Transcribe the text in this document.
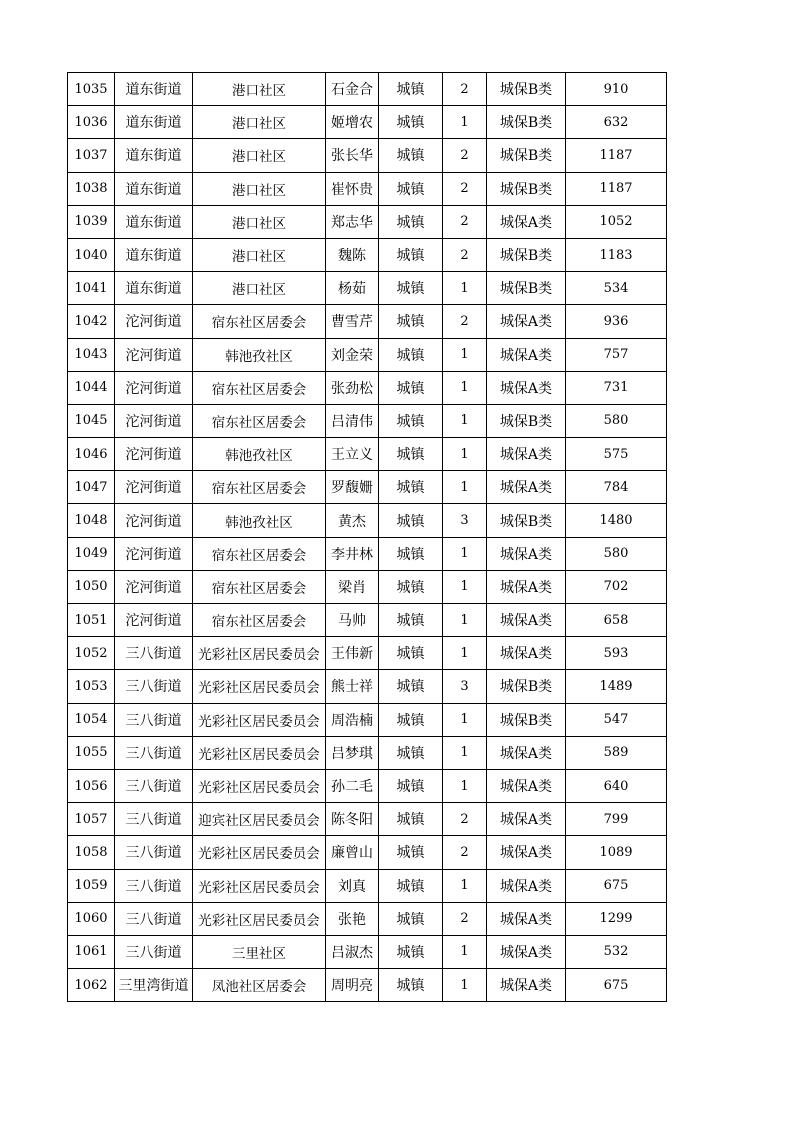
1035	道东街道	港口社区	石金合	城镇	2	城保B类	910
1036	道东街道	港口社区	姬增农	城镇	1	城保B类	632
1037	道东街道	港口社区	张长华	城镇	2	城保B类	1187
1038	道东街道	港口社区	崔怀贵	城镇	2	城保B类	1187
1039	道东街道	港口社区	郑志华	城镇	2	城保A类	1052
1040	道东街道	港口社区	魏陈	城镇	2	城保B类	1183
1041	道东街道	港口社区	杨茹	城镇	1	城保B类	534
1042	沱河街道	宿东社区居委会	曹雪芹	城镇	2	城保A类	936
1043	沱河街道	韩池孜社区	刘金荣	城镇	1	城保A类	757
1044	沱河街道	宿东社区居委会	张劲松	城镇	1	城保A类	731
1045	沱河街道	宿东社区居委会	吕清伟	城镇	1	城保B类	580
1046	沱河街道	韩池孜社区	王立义	城镇	1	城保A类	575
1047	沱河街道	宿东社区居委会	罗馥姗	城镇	1	城保A类	784
1048	沱河街道	韩池孜社区	黄杰	城镇	3	城保B类	1480
1049	沱河街道	宿东社区居委会	李井林	城镇	1	城保A类	580
1050	沱河街道	宿东社区居委会	梁肖	城镇	1	城保A类	702
1051	沱河街道	宿东社区居委会	马帅	城镇	1	城保A类	658
1052	三八街道	光彩社区居民委员会	王伟新	城镇	1	城保A类	593
1053	三八街道	光彩社区居民委员会	熊士祥	城镇	3	城保B类	1489
1054	三八街道	光彩社区居民委员会	周浩楠	城镇	1	城保B类	547
1055	三八街道	光彩社区居民委员会	吕梦琪	城镇	1	城保A类	589
1056	三八街道	光彩社区居民委员会	孙二毛	城镇	1	城保A类	640
1057	三八街道	迎宾社区居民委员会	陈冬阳	城镇	2	城保A类	799
1058	三八街道	光彩社区居民委员会	廉曾山	城镇	2	城保A类	1089
1059	三八街道	光彩社区居民委员会	刘真	城镇	1	城保A类	675
1060	三八街道	光彩社区居民委员会	张艳	城镇	2	城保A类	1299
1061	三八街道	三里社区	吕淑杰	城镇	1	城保A类	532
1062	三里湾街道	凤池社区居委会	周明亮	城镇	1	城保A类	675
